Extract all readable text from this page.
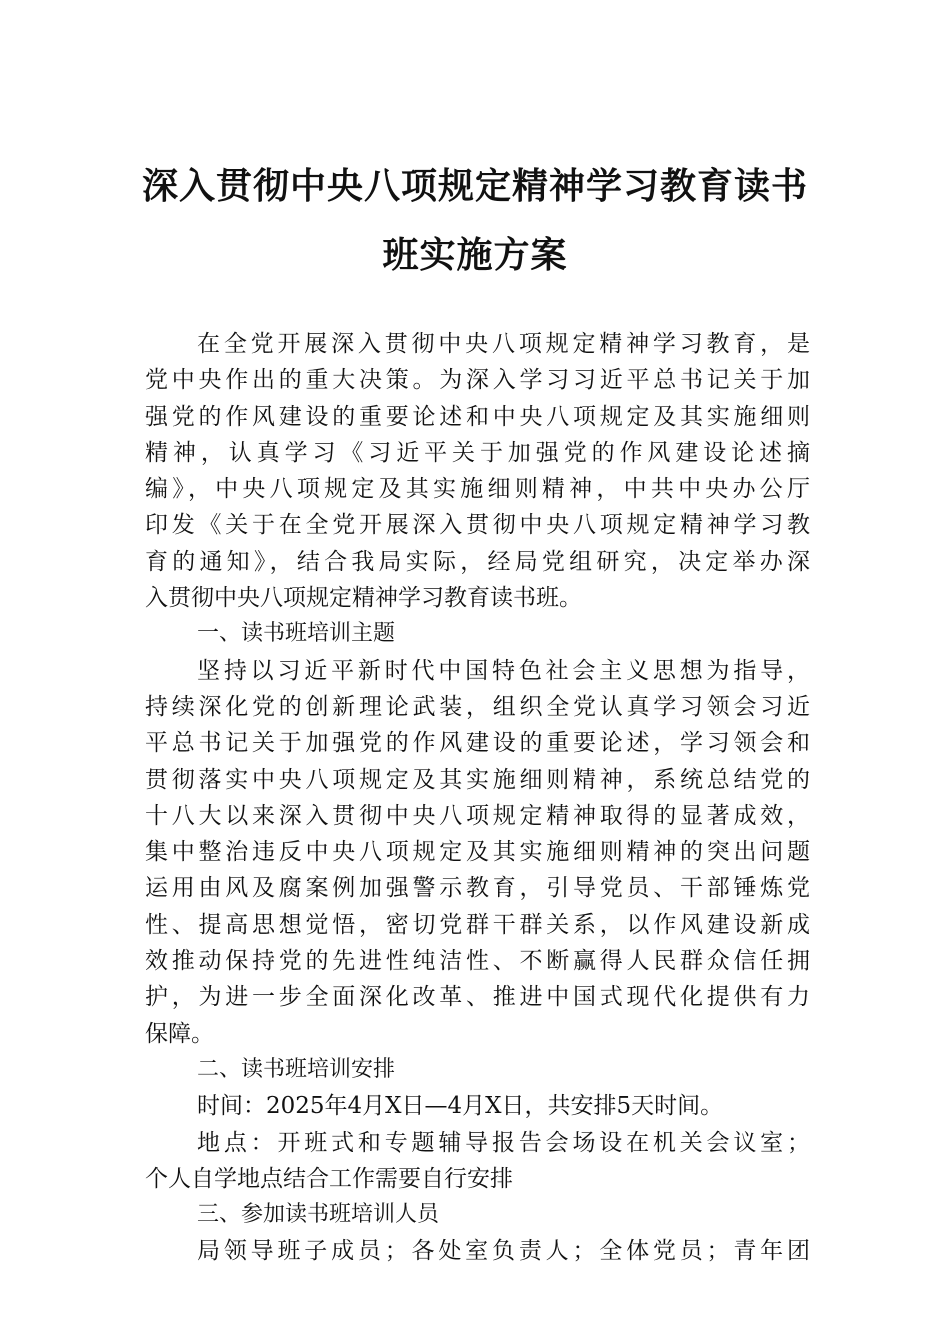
深入贯彻中央八项规定精神学习教育读书
班实施方案
在全党开展深入贯彻中央八项规定精神学习教育，是
党中央作出的重大决策。为深入学习习近平总书记关于加
强党的作风建设的重要论述和中央八项规定及其实施细则
精神，认真学习《习近平关于加强党的作风建设论述摘
编》，中央八项规定及其实施细则精神，中共中央办公厅
印发《关于在全党开展深入贯彻中央八项规定精神学习教
育的通知》，结合我局实际，经局党组研究，决定举办深
入贯彻中央八项规定精神学习教育读书班。
一、读书班培训主题
坚持以习近平新时代中国特色社会主义思想为指导，
持续深化党的创新理论武装，组织全党认真学习领会习近
平总书记关于加强党的作风建设的重要论述，学习领会和
贯彻落实中央八项规定及其实施细则精神，系统总结党的
十八大以来深入贯彻中央八项规定精神取得的显著成效，
集中整治违反中央八项规定及其实施细则精神的突出问题
运用由风及腐案例加强警示教育，引导党员、干部锤炼党
性、提高思想觉悟，密切党群干群关系，以作风建设新成
效推动保持党的先进性纯洁性、不断赢得人民群众信任拥
护，为进一步全面深化改革、推进中国式现代化提供有力
保障。
二、读书班培训安排
时间：2025年4月X日—4月X日，共安排5天时间。
地点：开班式和专题辅导报告会场设在机关会议室；
个人自学地点结合工作需要自行安排
三、参加读书班培训人员
局领导班子成员；各处室负责人；全体党员；青年团
